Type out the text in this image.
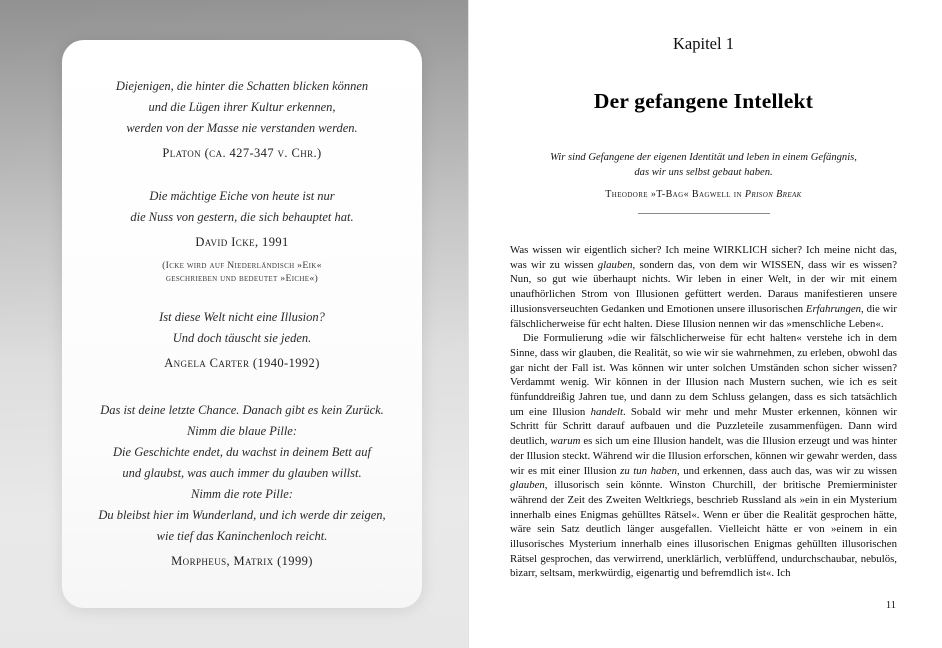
Diejenigen, die hinter die Schatten blicken können
und die Lügen ihrer Kultur erkennen,
werden von der Masse nie verstanden werden.
Platon (ca. 427-347 v. Chr.)
Die mächtige Eiche von heute ist nur
die Nuss von gestern, die sich behauptet hat.
David Icke, 1991
(Icke wird auf Niederländisch »Eik«
geschrieben und bedeutet »Eiche«)
Ist diese Welt nicht eine Illusion?
Und doch täuscht sie jeden.
Angela Carter (1940-1992)
Das ist deine letzte Chance. Danach gibt es kein Zurück.
Nimm die blaue Pille:
Die Geschichte endet, du wachst in deinem Bett auf
und glaubst, was auch immer du glauben willst.
Nimm die rote Pille:
Du bleibst hier im Wunderland, und ich werde dir zeigen,
wie tief das Kaninchenloch reicht.
Morpheus, Matrix (1999)
Kapitel 1
Der gefangene Intellekt
Wir sind Gefangene der eigenen Identität und leben in einem Gefängnis,
das wir uns selbst gebaut haben.
Theodore »T-Bag« Bagwell in Prison Break

Was wissen wir eigentlich sicher? Ich meine WIRKLICH sicher? Ich meine nicht das, was wir zu wissen glauben, sondern das, von dem wir WISSEN, dass wir es wissen? Nun, so gut wie überhaupt nichts. Wir leben in einer Welt, in der wir mit einem unaufhörlichen Strom von Illusionen gefüttert werden. Daraus manifestieren unsere illusionsverseuchten Gedanken und Emotionen unsere illusorischen Erfahrungen, die wir fälschlicherweise für echt halten. Diese Illusion nennen wir das »menschliche Leben«.

Die Formulierung »die wir fälschlicherweise für echt halten« verstehe ich in dem Sinne, dass wir glauben, die Realität, so wie wir sie wahrnehmen, zu erleben, obwohl das gar nicht der Fall ist. Was können wir unter solchen Umständen schon sicher wissen? Verdammt wenig. Wir können in der Illusion nach Mustern suchen, wie ich es seit fünfunddreißig Jahren tue, und dann zu dem Schluss gelangen, dass es sich tatsächlich um eine Illusion handelt. Sobald wir mehr und mehr Muster erkennen, können wir Schritt für Schritt darauf aufbauen und die Puzzleteile zusammenfügen. Dann wird deutlich, warum es sich um eine Illusion handelt, was die Illusion erzeugt und was hinter der Illusion steckt. Während wir die Illusion erforschen, können wir gewahr werden, dass wir es mit einer Illusion zu tun haben, und erkennen, dass auch das, was wir zu wissen glauben, illusorisch sein könnte. Winston Churchill, der britische Premierminister während der Zeit des Zweiten Weltkriegs, beschrieb Russland als »ein in ein Mysterium innerhalb eines Enigmas gehülltes Rätsel«. Wenn er über die Realität gesprochen hätte, wäre sein Satz deutlich länger ausgefallen. Vielleicht hätte er von »einem in ein illusorisches Mysterium innerhalb eines illusorischen Enigmas gehüllten illusorischen Rätsel gesprochen, das verwirrend, unerklärlich, verblüffend, undurchschaubar, nebulös, bizarr, seltsam, merkwürdig, eigenartig und befremdlich ist«. Ich

11
